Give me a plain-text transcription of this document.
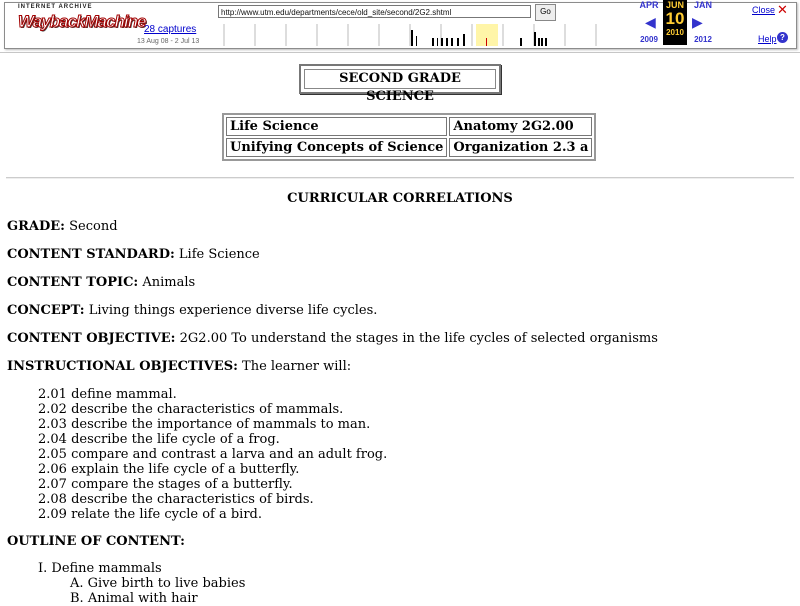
INTERNET ARCHIVE
WaybackMachine	http://www.utm.edu/departments/cece/old_site/second/2G2.shtml	Go
28 captures
13 Aug 08 - 2 Jul 13
APR
◀
2009
JUN
10
2010
JAN
▶
2012
Close ✕
Help ?
SECOND GRADE SCIENCE
Life Science	Anatomy 2G2.00
Unifying Concepts of Science	Organization 2.3 a
CURRICULAR CORRELATIONS
GRADE: Second
CONTENT STANDARD: Life Science
CONTENT TOPIC: Animals
CONCEPT: Living things experience diverse life cycles.
CONTENT OBJECTIVE: 2G2.00 To understand the stages in the life cycles of selected organisms
INSTRUCTIONAL OBJECTIVES: The learner will:
2.01 define mammal.
2.02 describe the characteristics of mammals.
2.03 describe the importance of mammals to man.
2.04 describe the life cycle of a frog.
2.05 compare and contrast a larva and an adult frog.
2.06 explain the life cycle of a butterfly.
2.07 compare the stages of a butterfly.
2.08 describe the characteristics of birds.
2.09 relate the life cycle of a bird.
OUTLINE OF CONTENT:
I. Define mammals
A. Give birth to live babies
B. Animal with hair
